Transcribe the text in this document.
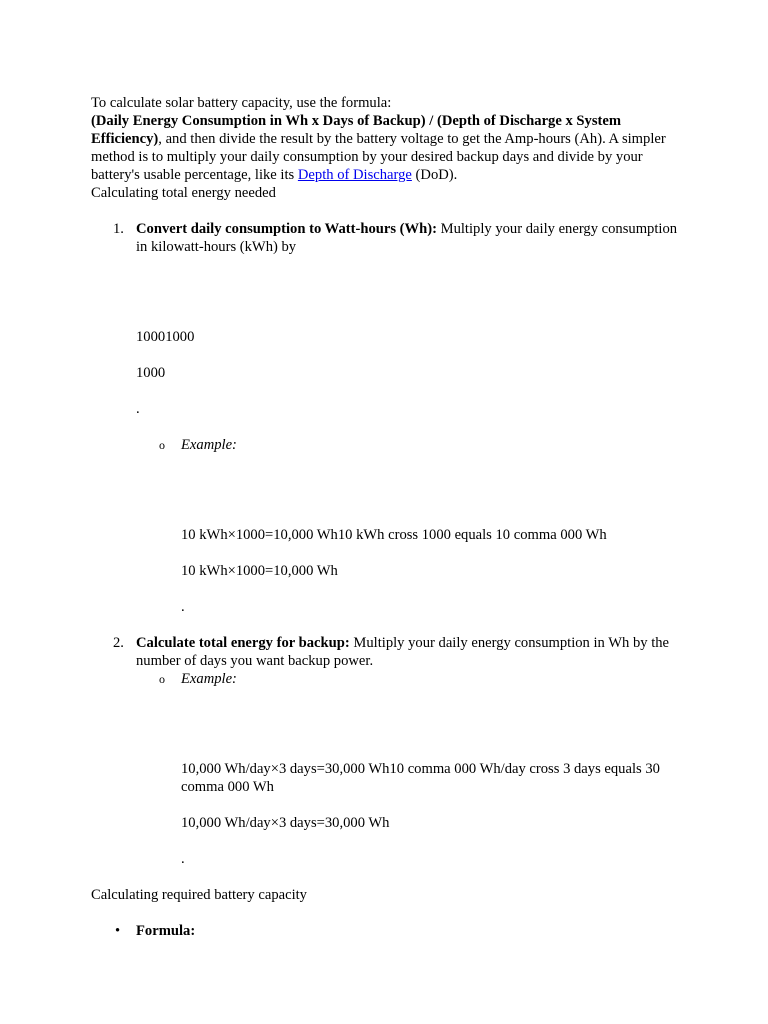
To calculate solar battery capacity, use the formula:
(Daily Energy Consumption in Wh x Days of Backup) / (Depth of Discharge x System Efficiency), and then divide the result by the battery voltage to get the Amp-hours (Ah). A simpler method is to multiply your daily consumption by your desired backup days and divide by your battery's usable percentage, like its Depth of Discharge (DoD).

Calculating total energy needed

1. Convert daily consumption to Watt-hours (Wh): Multiply your daily energy consumption in kilowatt-hours (kWh) by

10001000

1000

.

o Example:

10 kWh×1000=10,000 Wh10 kWh cross 1000 equals 10 comma 000 Wh

10 kWh×1000=10,000 Wh

.

2. Calculate total energy for backup: Multiply your daily energy consumption in Wh by the number of days you want backup power.

o Example:

10,000 Wh/day×3 days=30,000 Wh10 comma 000 Wh/day cross 3 days equals 30 comma 000 Wh

10,000 Wh/day×3 days=30,000 Wh

.

Calculating required battery capacity

• Formula:
